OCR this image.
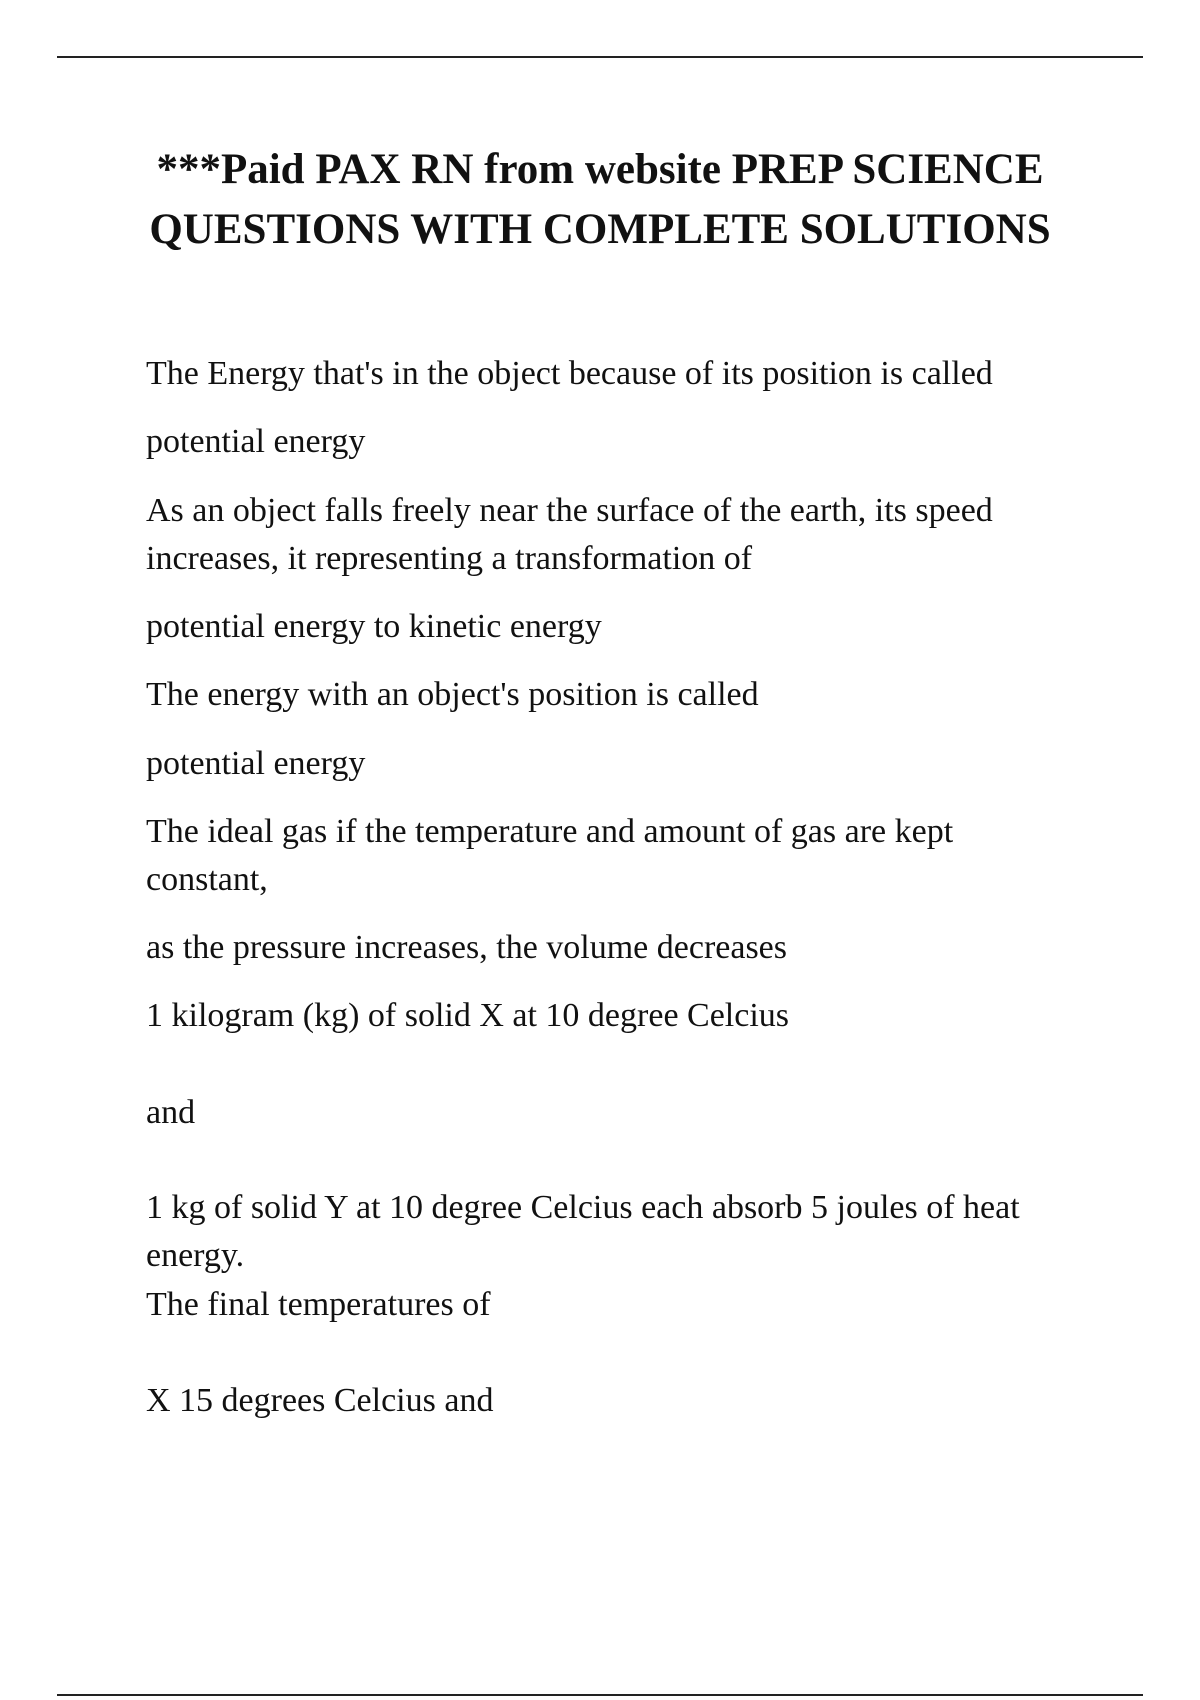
***Paid PAX RN from website PREP SCIENCE
QUESTIONS WITH COMPLETE SOLUTIONS

The Energy that's in the object because of its position is called

potential energy

As an object falls freely near the surface of the earth, its speed

increases, it representing a transformation of

potential energy to kinetic energy

The energy with an object's position is called

potential energy

The ideal gas if the temperature and amount of gas are kept

constant,

as the pressure increases, the volume decreases

1 kilogram (kg) of solid X at 10 degree Celcius

and

1 kg of solid Y at 10 degree Celcius each absorb 5 joules of heat

energy.

The final temperatures of

X 15 degrees Celcius and
